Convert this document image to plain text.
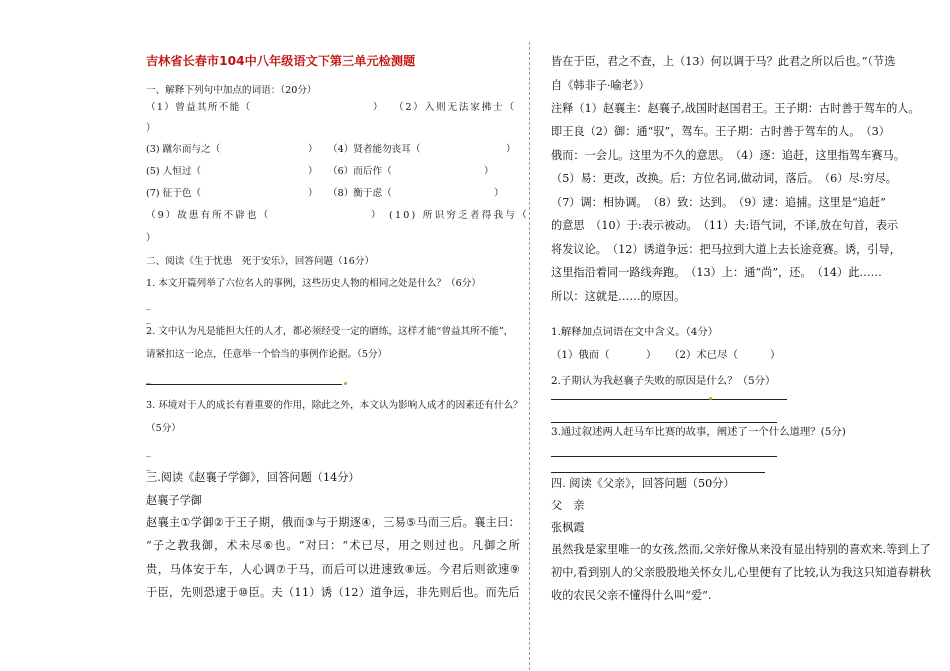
吉林省长春市104中八年级语文下第三单元检测题
一、解释下列句中加点的词语：（20分）
（1）曾益其所不能（	） （2）入则无法家拂士（
）
(3) 蹴尔而与之（	） （4）贤者能勿丧耳（	）
(5) 人恒过（	） （6）而后作（	）
(7) 征于色（	） （8）衡于虑（	）
（9）故患有所不辟也（	） (10) 所识穷乏者得我与（
）
二、阅读《生于忧患　死于安乐》，回答问题（16分）
1. 本文开篇列举了六位名人的事例，这些历史人物的相同之处是什么？（6分）
_
_
2. 文中认为凡是能担大任的人才，都必须经受一定的磨练，这样才能“曾益其所不能”，
请紧扣这一论点，任意举一个恰当的事例作论据。（5分）
_
3. 环境对于人的成长有着重要的作用，除此之外，本文认为影响人成才的因素还有什么？
（5分）
_
_
三.阅读《赵襄子学御》，回答问题（14分）
赵襄子学御
赵 襄 主 ① 学 御 ② 于 王 子 期 ， 俄 而 ③ 与 于 期 逐 ④ ， 三 易 ⑤ 马 而 三 后 。 襄 主 曰 ：
“ 子 之 教 我 御 ， 术 未 尽 ⑥ 也 。 ” 对 曰 ： “ 术 已 尽 ， 用 之 则 过 也 。 凡 御 之 所
贵 ， 马 体 安 于 车 ， 人 心 调 ⑦ 于 马 ， 而 后 可 以 进 速 致 ⑧ 远 。 今 君 后 则 欲 速 ⑨
于 臣 ， 先 则 恐 逮 于 ⑩ 臣 。 夫 （ 1 1 ） 诱 （ 1 2 ） 道 争 远 ， 非 先 则 后 也 。 而 先 后
皆在于臣，君之不查，上（13）何以调于马？此君之所以后也。”（节选
自《韩非子·喻老》）
注释（1）赵襄主：赵襄子,战国时赵国君王。王子期：古时善于驾车的人。
即王良（2）御：通“驭”，驾车。王子期：古时善于驾车的人。　（3）
俄而：一会儿。这里为不久的意思。　（4）逐：追赶，这里指驾车赛马。
（5）易：更改，改换。后：方位名词,做动词，落后。　（6）尽:穷尽。
（7）调：相协调。　（8）致：达到。　（9）逮：追捕。这里是“追赶”
的意思　（10）于:表示被动。　（11）夫:语气词，不译,放在句首，表示
将发议论。　（12）诱道争远：把马拉到大道上去长途竞赛。诱，引导，
这里指沿着同一路线奔跑。　（13）上：通“尚”，还。　（14）此……
所以：这就是……的原因。
1.解释加点词语在文中含义。（4分）
（1）俄而（	） （2）术已尽（	）
2.子期认为我赵襄子失败的原因是什么？（5分）
3.通过叙述两人赶马车比赛的故事，阐述了一个什么道理？(5分)
四. 阅读《父亲》，回答问题（50分）
父　亲
张枫霞
虽然我是家里唯一的女孩,然而,父亲好像从来没有显出特别的喜欢来.等到上了
初中,看到别人的父亲股股地关怀女儿,心里便有了比较,认为我这只知道春耕秋
收的农民父亲不懂得什么叫“爱”.
